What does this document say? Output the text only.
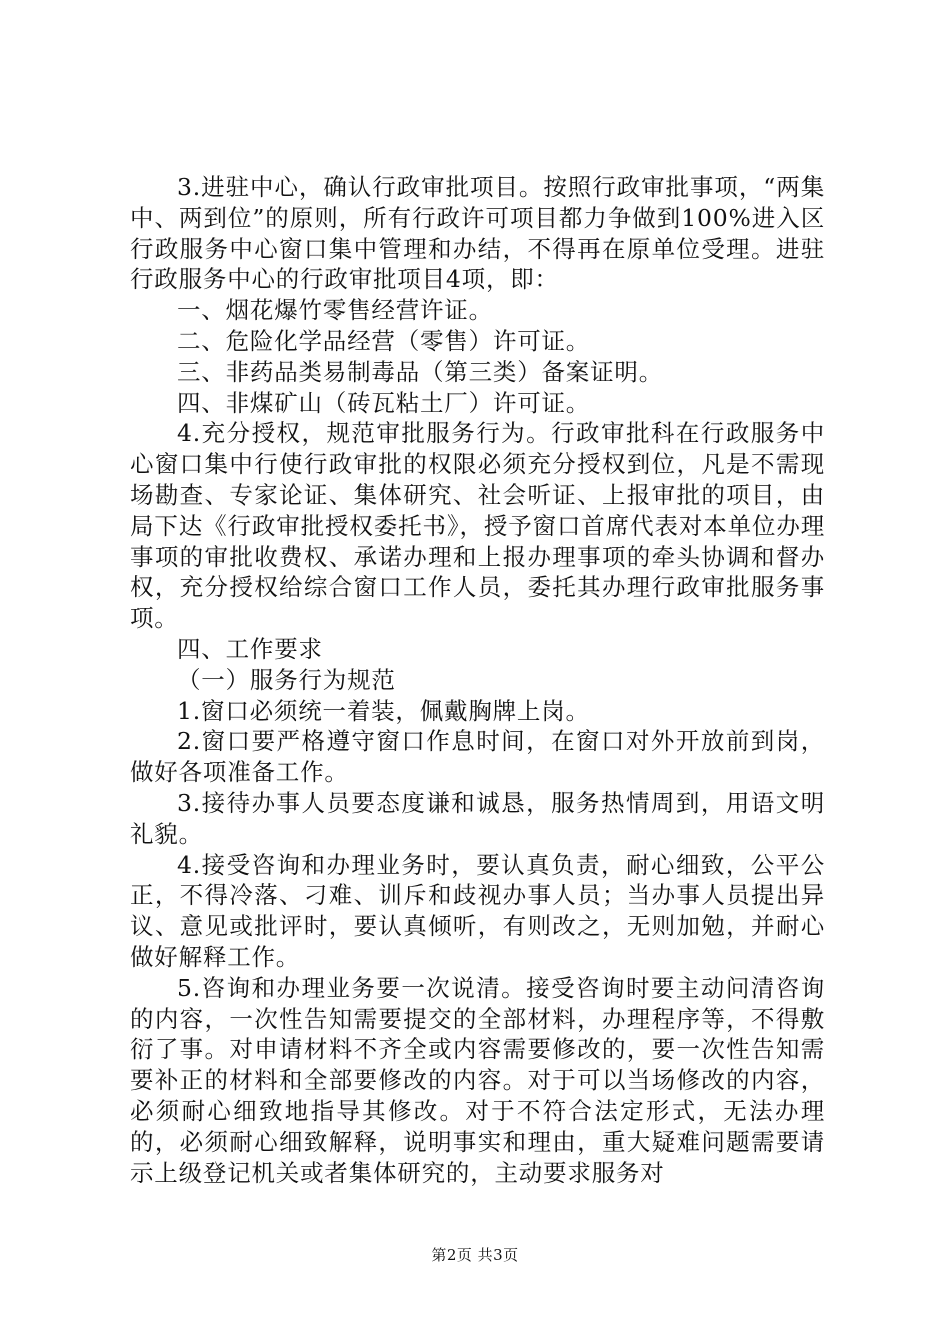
3.进驻中心，确认行政审批项目。按照行政审批事项，“两集中、两到位”的原则，所有行政许可项目都力争做到100%进入区行政服务中心窗口集中管理和办结，不得再在原单位受理。进驻行政服务中心的行政审批项目4项，即：

一、烟花爆竹零售经营许证。

二、危险化学品经营（零售）许可证。

三、非药品类易制毒品（第三类）备案证明。

四、非煤矿山（砖瓦粘土厂）许可证。

4.充分授权，规范审批服务行为。行政审批科在行政服务中心窗口集中行使行政审批的权限必须充分授权到位，凡是不需现场勘查、专家论证、集体研究、社会听证、上报审批的项目，由局下达《行政审批授权委托书》，授予窗口首席代表对本单位办理事项的审批收费权、承诺办理和上报办理事项的牵头协调和督办权，充分授权给综合窗口工作人员，委托其办理行政审批服务事项。

四、工作要求

（一）服务行为规范

1.窗口必须统一着装，佩戴胸牌上岗。

2.窗口要严格遵守窗口作息时间，在窗口对外开放前到岗，做好各项准备工作。

3.接待办事人员要态度谦和诚恳，服务热情周到，用语文明礼貌。

4.接受咨询和办理业务时，要认真负责，耐心细致，公平公正，不得冷落、刁难、训斥和歧视办事人员；当办事人员提出异议、意见或批评时，要认真倾听，有则改之，无则加勉，并耐心做好解释工作。

5.咨询和办理业务要一次说清。接受咨询时要主动问清咨询的内容，一次性告知需要提交的全部材料，办理程序等，不得敷衍了事。对申请材料不齐全或内容需要修改的，要一次性告知需要补正的材料和全部要修改的内容。对于可以当场修改的内容，必须耐心细致地指导其修改。对于不符合法定形式，无法办理的，必须耐心细致解释，说明事实和理由，重大疑难问题需要请示上级登记机关或者集体研究的，主动要求服务对

第2页 共3页
